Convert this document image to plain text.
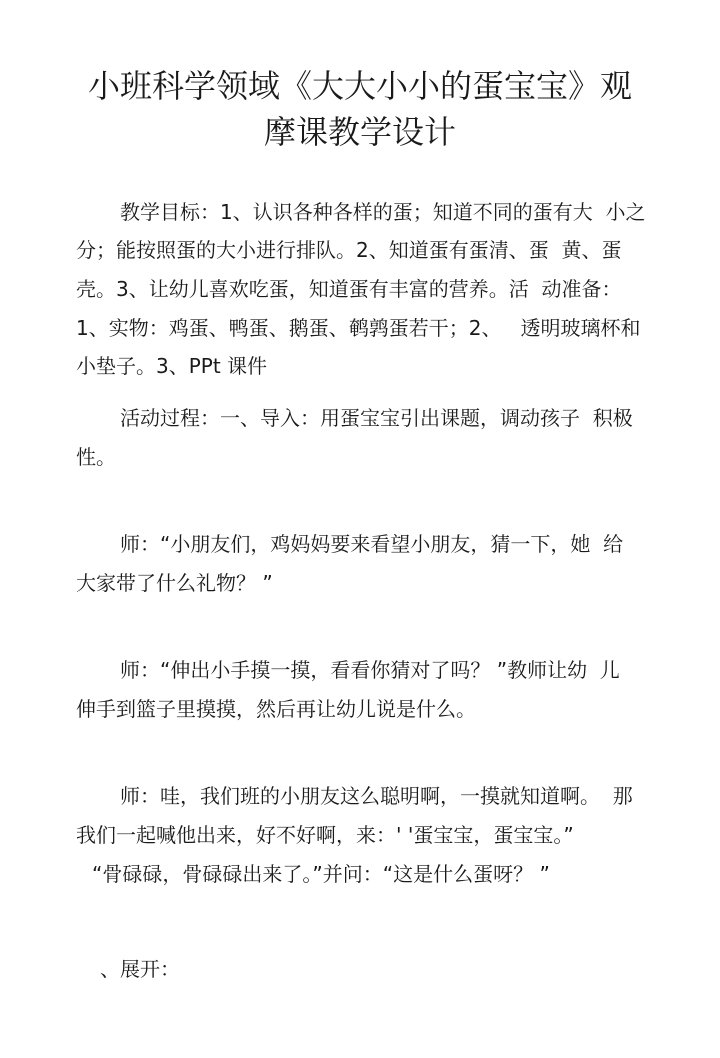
小班科学领域《大大小小的蛋宝宝》观
摩课教学设计
教学目标：1、认识各种各样的蛋；知道不同的蛋有大  小之
分；能按照蛋的大小进行排队。2、知道蛋有蛋清、蛋  黄、蛋
壳。3、让幼儿喜欢吃蛋，知道蛋有丰富的营养。活  动准备：
1、实物：鸡蛋、鸭蛋、鹅蛋、鹌鹑蛋若干；2、   透明玻璃杯和
小垫子。3、PPt 课件
活动过程：一、导入：用蛋宝宝引出课题，调动孩子  积极
性。
师：“小朋友们，鸡妈妈要来看望小朋友，猜一下，她  给
大家带了什么礼物？ ”
师：“伸出小手摸一摸，看看你猜对了吗？ ”教师让幼  儿
伸手到篮子里摸摸，然后再让幼儿说是什么。
师：哇，我们班的小朋友这么聪明啊，一摸就知道啊。  那
我们一起喊他出来，好不好啊，来：' '蛋宝宝，蛋宝宝。”
“骨碌碌，骨碌碌出来了。”并问：“这是什么蛋呀？ ”
、展开：
